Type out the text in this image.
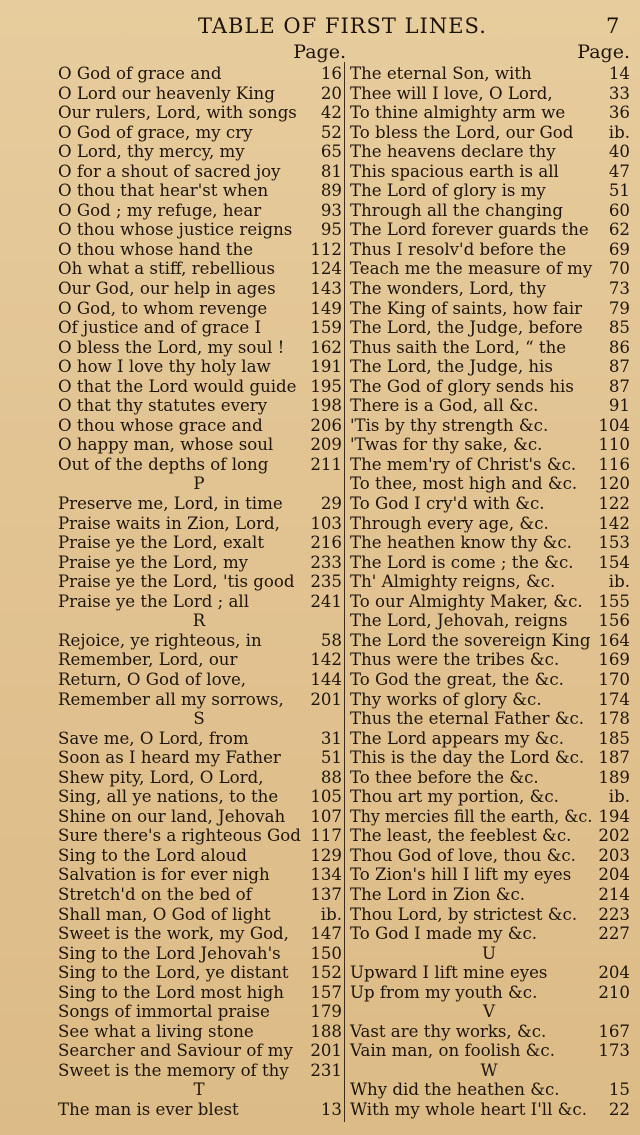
TABLE OF FIRST LINES.	7
Page.
O God of grace and	16
O Lord our heavenly King	20
Our rulers, Lord, with songs 42
O God of grace, my cry	52
O Lord, thy mercy, my	65
O for a shout of sacred joy 81
O thou that hear'st when	89
O God ; my refuge, hear	93
O thou whose justice reigns 95
O thou whose hand the	112
Oh what a stiff, rebellious 124
Our God, our help in ages 143
O God, to whom revenge	149
Of justice and of grace I	159
O bless the Lord, my soul ! 162
O how I love thy holy law 191
O that the Lord would guide 195
O that thy statutes every	198
O thou whose grace and	206
O happy man, whose soul 209
Out of the depths of long	211
P
Preserve me, Lord, in time 29
Praise waits in Zion, Lord, 103
Praise ye the Lord, exalt	216
Praise ye the Lord, my	233
Praise ye the Lord, 'tis good 235
Praise ye the Lord ; all	241
R
Rejoice, ye righteous, in	58
Remember, Lord, our	142
Return, O God of love,	144
Remember all my sorrows, 201
S
Save me, O Lord, from	31
Soon as I heard my Father 51
Shew pity, Lord, O Lord,	88
Sing, all ye nations, to the 105
Shine on our land, Jehovah 107
Sure there's a righteous God 117
Sing to the Lord aloud	129
Salvation is for ever nigh 134
Stretch'd on the bed of	137
Shall man, O God of light	ib.
Sweet is the work, my God, 147
Sing to the Lord Jehovah's 150
Sing to the Lord, ye distant 152
Sing to the Lord most high 157
Songs of immortal praise 179
See what a living stone	188
Searcher and Saviour of my 201
Sweet is the memory of thy 231
T
The man is ever blest	13
Page.
The eternal Son, with	14
Thee will I love, O Lord,	33
To thine almighty arm we	36
To bless the Lord, our God ib.
The heavens declare thy	40
This spacious earth is all	47
The Lord of glory is my	51
Through all the changing	60
The Lord forever guards the 62
Thus I resolv'd before the	69
Teach me the measure of my 70
The wonders, Lord, thy	73
The King of saints, how fair 79
The Lord, the Judge, before 85
Thus saith the Lord, “ the	86
The Lord, the Judge, his	87
The God of glory sends his 87
There is a God, all &c.	91
'Tis by thy strength &c.	104
'Twas for thy sake, &c.	110
The mem'ry of Christ's &c. 116
To thee, most high and &c. 120
To God I cry'd with &c.	122
Through every age, &c.	142
The heathen know thy &c. 153
The Lord is come ; the &c. 154
Th' Almighty reigns, &c.	ib.
To our Almighty Maker, &c. 155
The Lord, Jehovah, reigns 156
The Lord the sovereign King 164
Thus were the tribes &c. 169
To God the great, the &c. 170
Thy works of glory &c.	174
Thus the eternal Father &c. 178
The Lord appears my &c. 185
This is the day the Lord &c. 187
To thee before the &c.	189
Thou art my portion, &c.	ib.
Thy mercies fill the earth, &c. 194
The least, the feeblest &c. 202
Thou God of love, thou &c. 203
To Zion's hill I lift my eyes 204
The Lord in Zion &c.	214
Thou Lord, by strictest &c. 223
To God I made my &c.	227
U
Upward I lift mine eyes	204
Up from my youth &c.	210
V
Vast are thy works, &c.	167
Vain man, on foolish &c.	173
W
Why did the heathen &c.	15
With my whole heart I'll &c. 22
